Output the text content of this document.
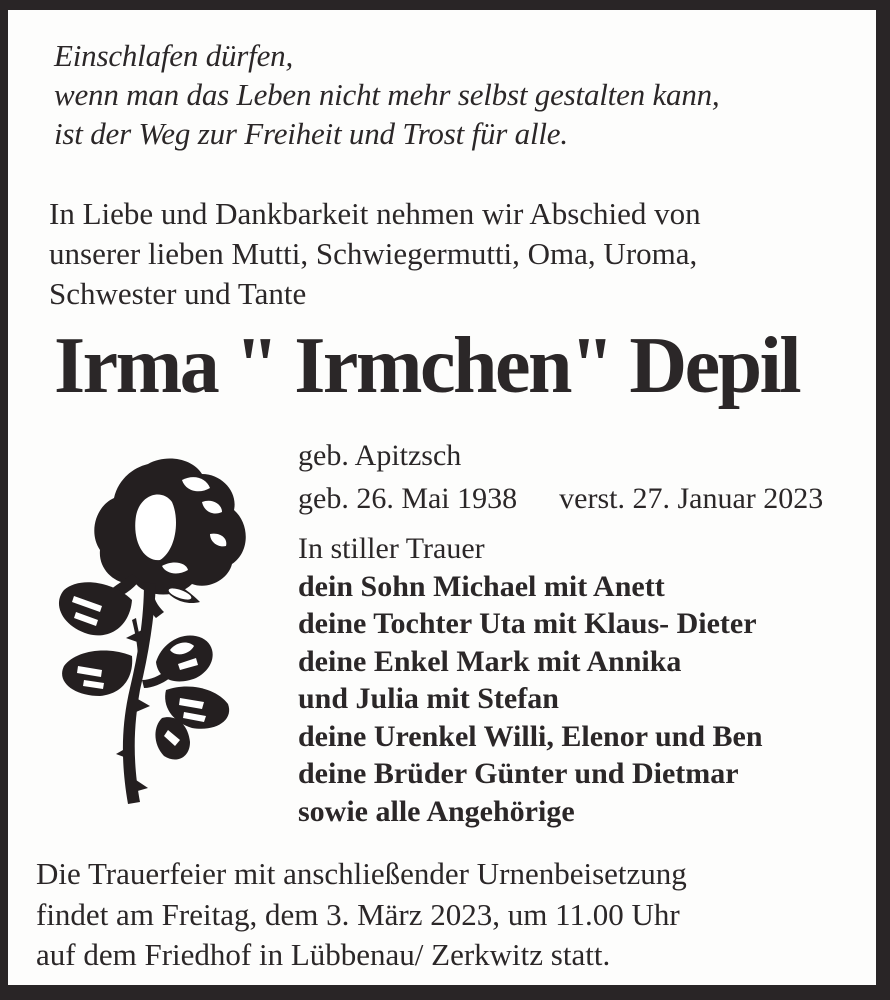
Einschlafen dürfen,
wenn man das Leben nicht mehr selbst gestalten kann,
ist der Weg zur Freiheit und Trost für alle.
In Liebe und Dankbarkeit nehmen wir Abschied von
unserer lieben Mutti, Schwiegermutti, Oma, Uroma,
Schwester und Tante
Irma " Irmchen" Depil
geb. Apitzsch
geb. 26. Mai 1938 verst. 27. Januar 2023
In stiller Trauer
dein Sohn Michael mit Anett
deine Tochter Uta mit Klaus- Dieter
deine Enkel Mark mit Annika
und Julia mit Stefan
deine Urenkel Willi, Elenor und Ben
deine Brüder Günter und Dietmar
sowie alle Angehörige
Die Trauerfeier mit anschließender Urnenbeisetzung
findet am Freitag, dem 3. März 2023, um 11.00 Uhr
auf dem Friedhof in Lübbenau/ Zerkwitz statt.
